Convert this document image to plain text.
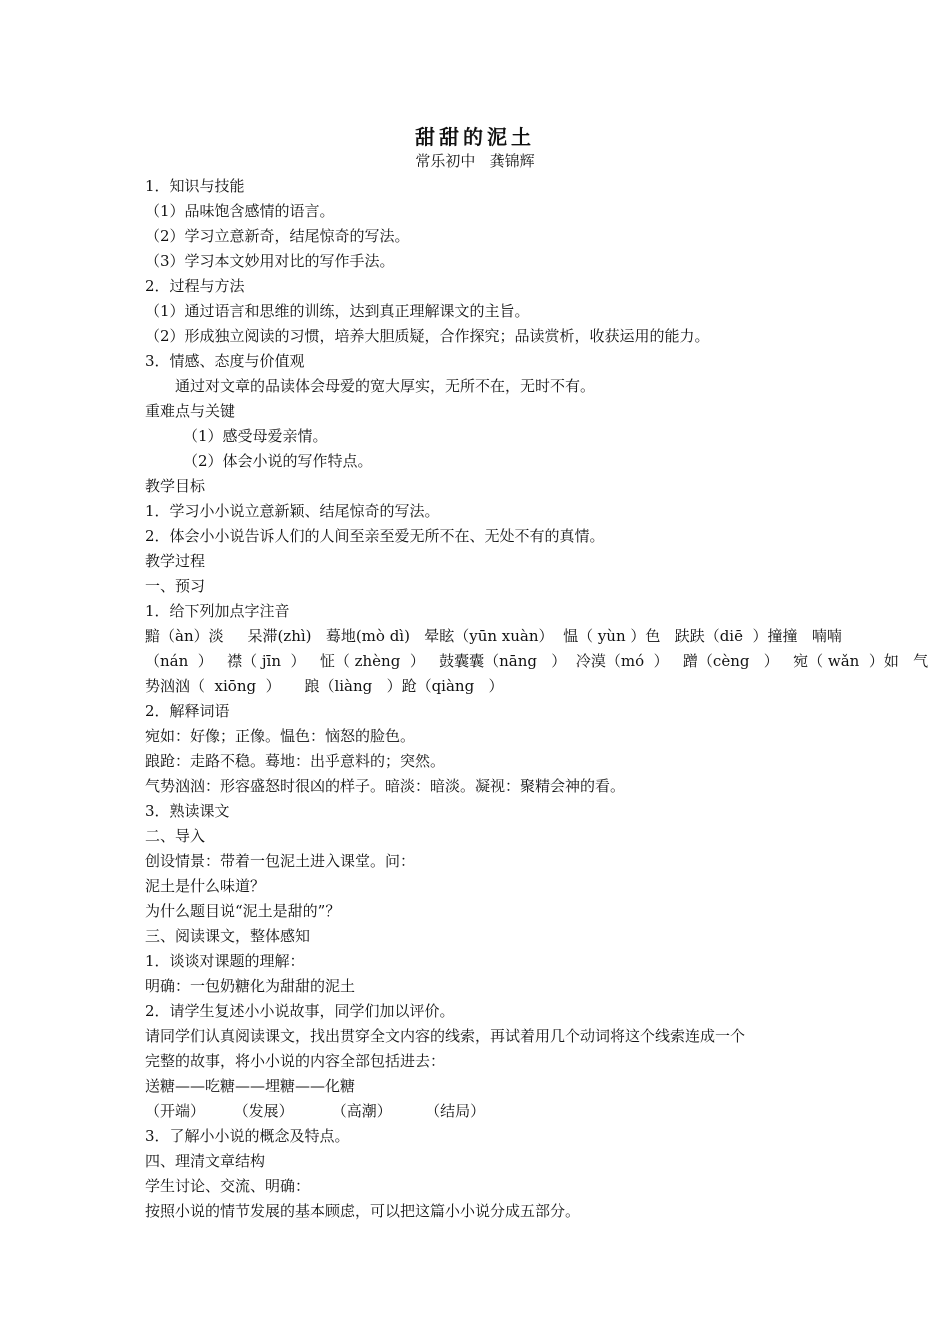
甜甜的泥土
常乐初中   龚锦辉
1．知识与技能
（1）品味饱含感情的语言。
（2）学习立意新奇，结尾惊奇的写法。
（3）学习本文妙用对比的写作手法。
2．过程与方法
（1）通过语言和思维的训练，达到真正理解课文的主旨。
（2）形成独立阅读的习惯，培养大胆质疑，合作探究；品读赏析，收获运用的能力。
3．情感、态度与价值观
通过对文章的品读体会母爱的宽大厚实，无所不在，无时不有。
重难点与关键
（1）感受母爱亲情。
（2）体会小说的写作特点。
教学目标
1．学习小小说立意新颖、结尾惊奇的写法。
2．体会小小说告诉人们的人间至亲至爱无所不在、无处不有的真情。
教学过程
一、预习
1．给下列加点字注音
黯（àn）淡     呆滞(zhì)   蓦地(mò dì)   晕眩（yūn xuàn）  愠（ yùn ）色   趺趺（diē  ）撞撞   喃喃
（nán  ）   襟（ jīn  ）   怔（ zhèng  ）   鼓囊囊（nāng   ）  冷漠（mó  ）   蹭（cèng   ）   宛（ wǎn  ）如   气
势汹汹（  xiōng  ）     踉（liàng   ）跄（qiàng   ）
2．解释词语
宛如：好像；正像。愠色：恼怒的脸色。
踉跄：走路不稳。蓦地：出乎意料的；突然。
气势汹汹：形容盛怒时很凶的样子。暗淡：暗淡。凝视：聚精会神的看。
3．熟读课文
二、导入
创设情景：带着一包泥土进入课堂。问：
泥土是什么味道？
为什么题目说“泥土是甜的”？
三、阅读课文，整体感知
1．谈谈对课题的理解：
明确：一包奶糖化为甜甜的泥土
2．请学生复述小小说故事，同学们加以评价。
请同学们认真阅读课文，找出贯穿全文内容的线索，再试着用几个动词将这个线索连成一个
完整的故事，将小小说的内容全部包括进去：
送糖——吃糖——埋糖——化糖
（开端）      （发展）        （高潮）       （结局）
3．了解小小说的概念及特点。
四、理清文章结构
学生讨论、交流、明确：
按照小说的情节发展的基本顾虑，可以把这篇小小说分成五部分。
